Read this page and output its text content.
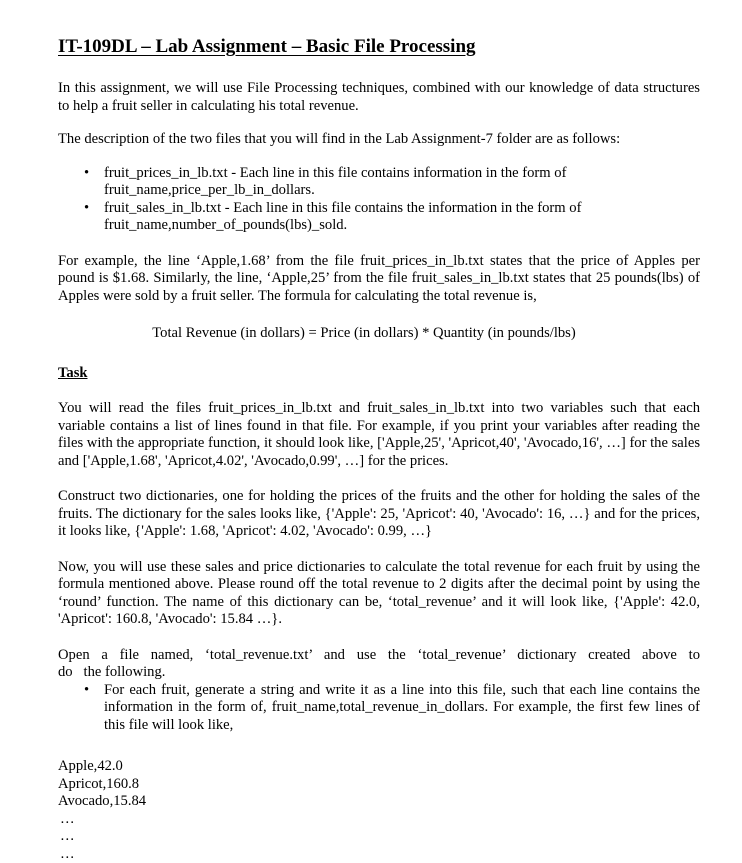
IT-109DL – Lab Assignment – Basic File Processing

In this assignment, we will use File Processing techniques, combined with our knowledge of data structures to help a fruit seller in calculating his total revenue.

The description of the two files that you will find in the Lab Assignment-7 folder are as follows:

• fruit_prices_in_lb.txt - Each line in this file contains information in the form of fruit_name,price_per_lb_in_dollars.
• fruit_sales_in_lb.txt - Each line in this file contains the information in the form of fruit_name,number_of_pounds(lbs)_sold.

For example, the line ‘Apple,1.68’ from the file fruit_prices_in_lb.txt states that the price of Apples per pound is $1.68. Similarly, the line, ‘Apple,25’ from the file fruit_sales_in_lb.txt states that 25 pounds(lbs) of Apples were sold by a fruit seller. The formula for calculating the total revenue is,

Total Revenue (in dollars) = Price (in dollars) * Quantity (in pounds/lbs)
Task

You will read the files fruit_prices_in_lb.txt and fruit_sales_in_lb.txt into two variables such that each variable contains a list of lines found in that file. For example, if you print your variables after reading the files with the appropriate function, it should look like, ['Apple,25', 'Apricot,40', 'Avocado,16', …] for the sales and ['Apple,1.68', 'Apricot,4.02', 'Avocado,0.99', …] for the prices.

Construct two dictionaries, one for holding the prices of the fruits and the other for holding the sales of the fruits. The dictionary for the sales looks like, {'Apple': 25, 'Apricot': 40, 'Avocado': 16, …} and for the prices, it looks like, {'Apple': 1.68, 'Apricot': 4.02, 'Avocado': 0.99, …}

Now, you will use these sales and price dictionaries to calculate the total revenue for each fruit by using the formula mentioned above. Please round off the total revenue to 2 digits after the decimal point by using the ‘round’ function. The name of this dictionary can be, ‘total_revenue’ and it will look like, {'Apple': 42.0, 'Apricot': 160.8, 'Avocado': 15.84 …}.

Open a file named, ‘total_revenue.txt’ and use the ‘total_revenue’ dictionary created above to

do   the following.

• For each fruit, generate a string and write it as a line into this file, such that each line contains the information in the form of, fruit_name,total_revenue_in_dollars. For example, the first few lines of this file will look like,
Apple,42.0
Apricot,160.8
Avocado,15.84
…
…
…
